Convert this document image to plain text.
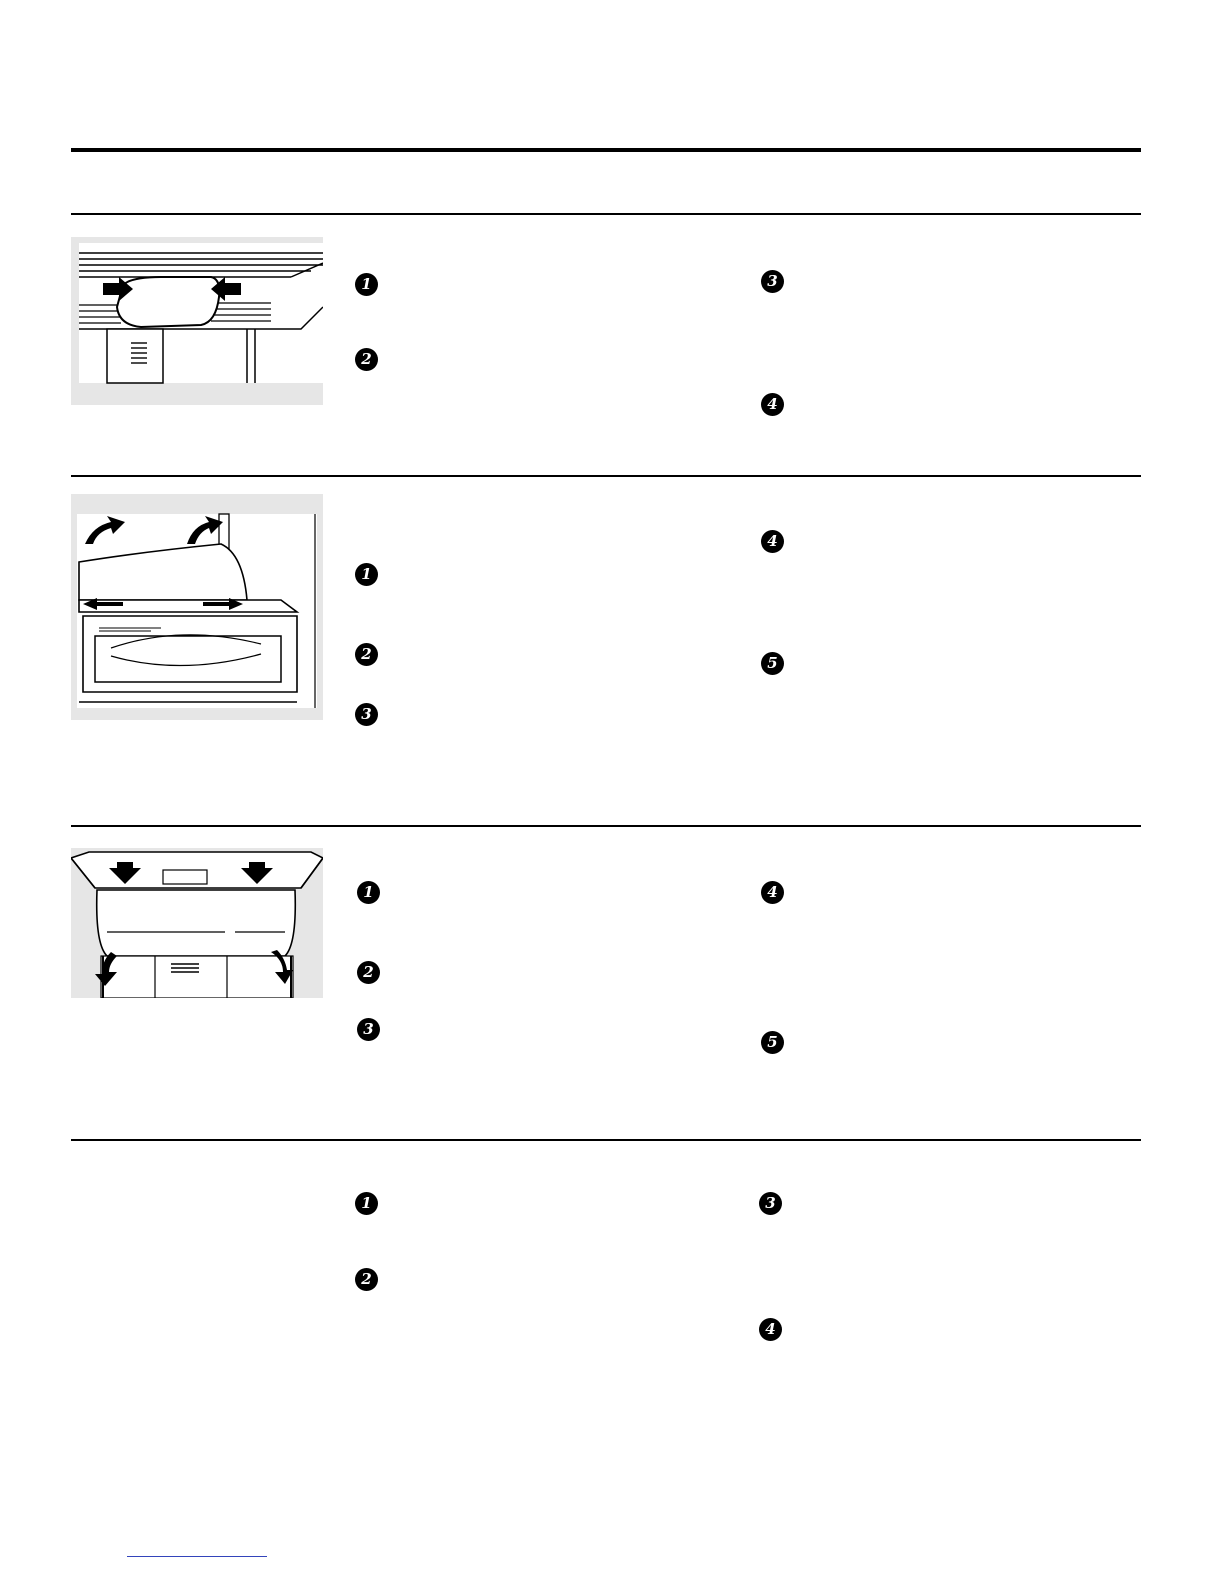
1
2
3
4
1
2
3
4
5
1
2
3
4
5
1
2
3
4
